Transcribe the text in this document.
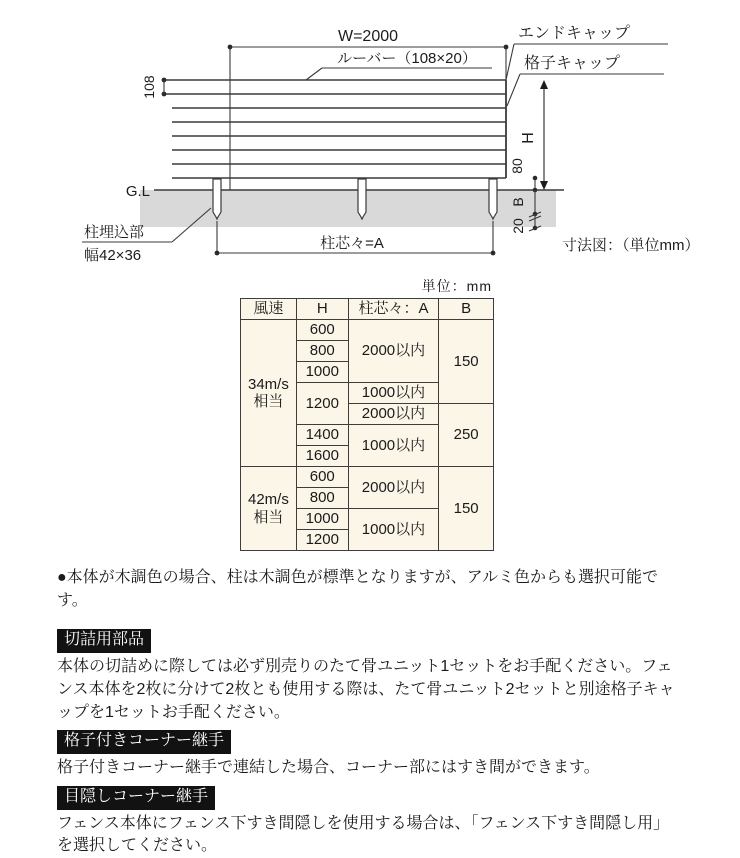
W=2000
ルーバー（108×20）
エンドキャップ
格子キャップ
108
G.L
H
80
B
20
柱芯々=A
柱埋込部
幅42×36
寸法図：（単位mm）
単位：mm
風速	H	柱芯々：A	B

34m/s
相当	600	2000以内	150
	800		
	1000		
	1200	1000以内	
		2000以内	250
	1400	1000以内	
	1600		

42m/s
相当	600	2000以内	150
	800		
	1000	1000以内	
	1200		

●本体が木調色の場合、柱は木調色が標準となりますが、アルミ色からも選択可能です。

切詰用部品

本体の切詰めに際しては必ず別売りのたて骨ユニット1セットをお手配ください。フェンス本体を2枚に分けて2枚とも使用する際は、たて骨ユニット2セットと別途格子キャップを1セットお手配ください。

格子付きコーナー継手

格子付きコーナー継手で連結した場合、コーナー部にはすき間ができます。

目隠しコーナー継手

フェンス本体にフェンス下すき間隠しを使用する場合は、「フェンス下すき間隠し用」を選択してください。
